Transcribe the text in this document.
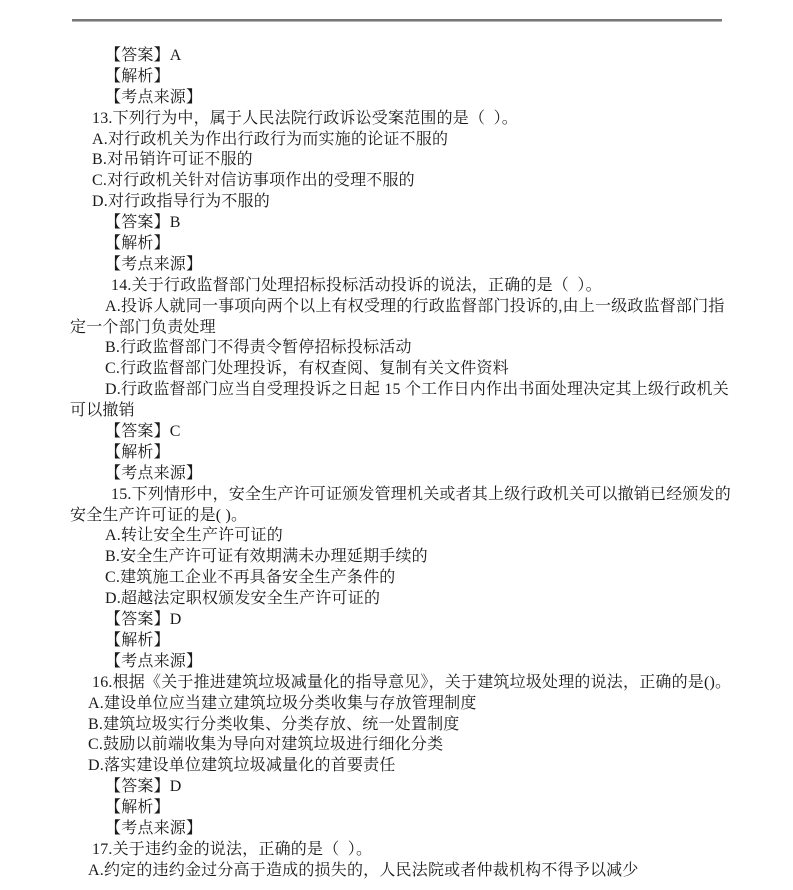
【答案】A
【解析】
【考点来源】
13.下列行为中，属于人民法院行政诉讼受案范围的是（  ）。
A.对行政机关为作出行政行为而实施的论证不服的
B.对吊销许可证不服的
C.对行政机关针对信访事项作出的受理不服的
D.对行政指导行为不服的
【答案】B
【解析】
【考点来源】
14.关于行政监督部门处理招标投标活动投诉的说法，正确的是（  ）。
A.投诉人就同一事项向两个以上有权受理的行政监督部门投诉的,由上一级政监督部门指
定一个部门负责处理
B.行政监督部门不得责令暂停招标投标活动
C.行政监督部门处理投诉，有权查阅、复制有关文件资料
D.行政监督部门应当自受理投诉之日起 15 个工作日内作出书面处理决定其上级行政机关
可以撤销
【答案】C
【解析】
【考点来源】
15.下列情形中，安全生产许可证颁发管理机关或者其上级行政机关可以撤销已经颁发的
安全生产许可证的是( )。
A.转让安全生产许可证的
B.安全生产许可证有效期满未办理延期手续的
C.建筑施工企业不再具备安全生产条件的
D.超越法定职权颁发安全生产许可证的
【答案】D
【解析】
【考点来源】
16.根据《关于推进建筑垃圾减量化的指导意见》，关于建筑垃圾处理的说法，正确的是()。
A.建设单位应当建立建筑垃圾分类收集与存放管理制度
B.建筑垃圾实行分类收集、分类存放、统一处置制度
C.鼓励以前端收集为导向对建筑垃圾进行细化分类
D.落实建设单位建筑垃圾减量化的首要责任
【答案】D
【解析】
【考点来源】
17.关于违约金的说法，正确的是（  ）。
A.约定的违约金过分高于造成的损失的，人民法院或者仲裁机构不得予以减少
